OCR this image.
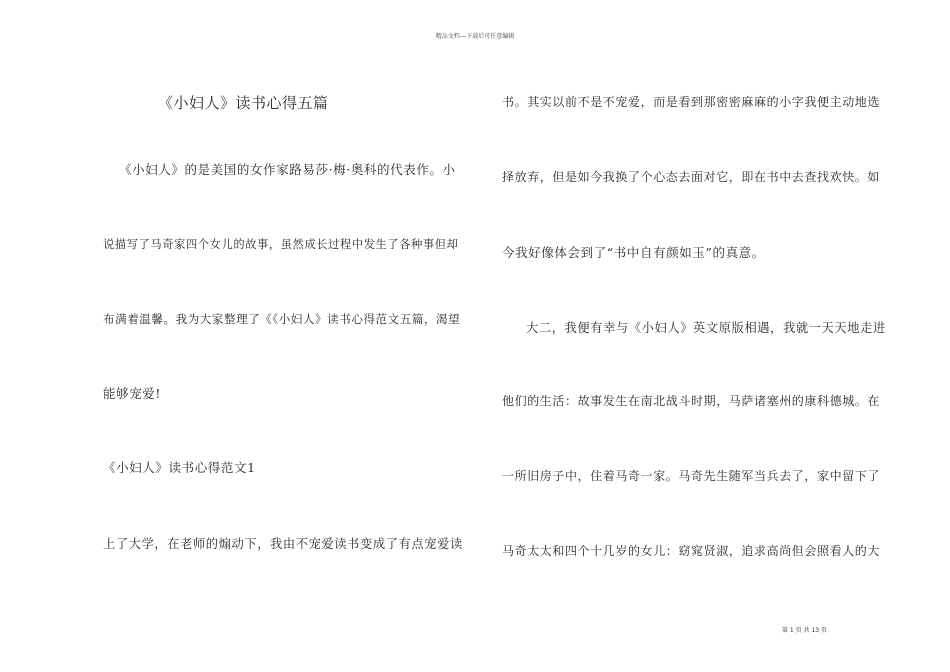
精品文档---下载后可任意编辑
《小妇人》读书心得五篇
《小妇人》的是美国的女作家路易莎·梅·奥科的代表作。小
说描写了马奇家四个女儿的故事，虽然成长过程中发生了各种事但却
布满着温馨。我为大家整理了《《小妇人》读书心得范文五篇，渴望
能够宠爱!
《小妇人》读书心得范文1
上了大学，在老师的煽动下，我由不宠爱读书变成了有点宠爱读
书。其实以前不是不宠爱，而是看到那密密麻麻的小字我便主动地选
择放弃，但是如今我换了个心态去面对它，即在书中去查找欢快。如
今我好像体会到了“书中自有颜如玉”的真意。
大二，我便有幸与《小妇人》英文原版相遇，我就一天天地走进
他们的生活：故事发生在南北战斗时期，马萨诸塞州的康科德城。在
一所旧房子中，住着马奇一家。马奇先生随军当兵去了，家中留下了
马奇太太和四个十几岁的女儿：窈窕贤淑，追求高尚但会照看人的大
第 1 页 共 13 页
